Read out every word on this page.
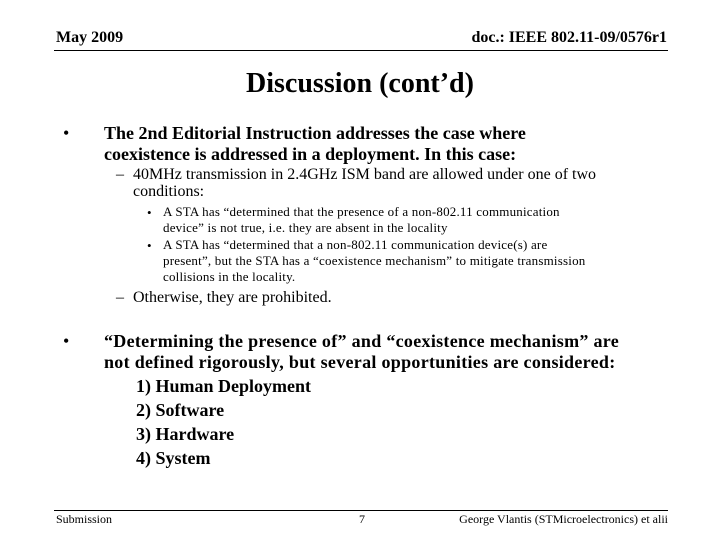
May 2009	doc.: IEEE 802.11-09/0576r1
Discussion (cont’d)
• The 2nd Editorial Instruction addresses the case where
coexistence is addressed in a deployment. In this case:
– 40MHz transmission in 2.4GHz ISM band are allowed under one of two
conditions:
• A STA has “determined that the presence of a non-802.11 communication
device” is not true, i.e. they are absent in the locality
• A STA has “determined that a non-802.11 communication device(s) are
present”, but the STA has a “coexistence mechanism” to mitigate transmission
collisions in the locality.
– Otherwise, they are prohibited.
• “Determining the presence of” and “coexistence mechanism” are
not defined rigorously, but several opportunities are considered:
1) Human Deployment
2) Software
3) Hardware
4) System
Submission	7	George Vlantis (STMicroelectronics) et alii
